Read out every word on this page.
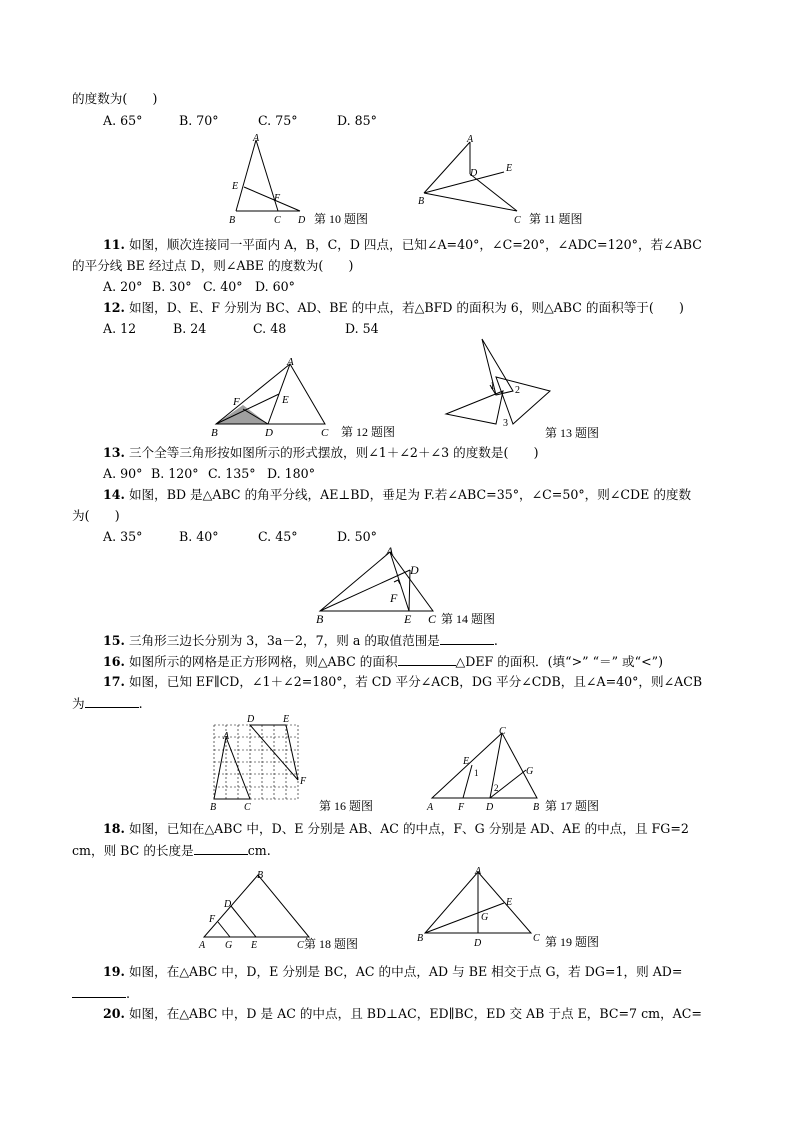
的度数为(　　)
A. 65°	B. 70°	C. 75°	D. 85°
A
B	C D
E
F
第 10 题图
A
B
C
D	E
第 11 题图
11. 如图，顺次连接同一平面内 A，B，C，D 四点，已知∠A=40°，∠C=20°，∠ADC=120°，若∠ABC
的平分线 BE 经过点 D，则∠ABE 的度数为(　　)
A. 20° B. 30° C. 40° D. 60°
12. 如图，D、E、F 分别为 BC、AD、BE 的中点，若△BFD 的面积为 6，则△ABC 的面积等于(　　)
A. 12	B. 24	C. 48	D. 54
A
B	C
D
E
F
第 12 题图
1 2
3
第 13 题图
13. 三个全等三角形按如图所示的形式摆放，则∠1＋∠2＋∠3 的度数是(　　)
A. 90° B. 120° C. 135° D. 180°
14. 如图，BD 是△ABC 的角平分线，AE⊥BD，垂足为 F.若∠ABC=35°，∠C=50°，则∠CDE 的度数
为(　　)
A. 35°	B. 40°	C. 45°	D. 50°
A
B	C
D
E
F
第 14 题图
15. 三角形三边长分别为 3，3a－2，7，则 a 的取值范围是	.
16. 如图所示的网格是正方形网格，则△ABC 的面积	△DEF 的面积．(填“>” “＝” 或“<”)
17. 如图，已知 EF∥CD，∠1＋∠2=180°，若 CD 平分∠ACB，DG 平分∠CDB，且∠A=40°，则∠ACB
为	.
A
B	C
D	E
F
第 16 题图
C
A	B
D
E
F
G
1
2
第 17 题图
18. 如图，已知在△ABC 中，D、E 分别是 AB、AC 的中点，F、G 分别是 AD、AE 的中点，且 FG=2
cm，则 BC 的长度是	cm.
B
A	C
D
E
F
G	第 18 题图
A
B	C
D
E
G
第 19 题图
19. 如图，在△ABC 中，D，E 分别是 BC，AC 的中点，AD 与 BE 相交于点 G，若 DG=1，则 AD=
.
20. 如图，在△ABC 中，D 是 AC 的中点，且 BD⊥AC，ED∥BC，ED 交 AB 于点 E，BC=7 cm，AC=
